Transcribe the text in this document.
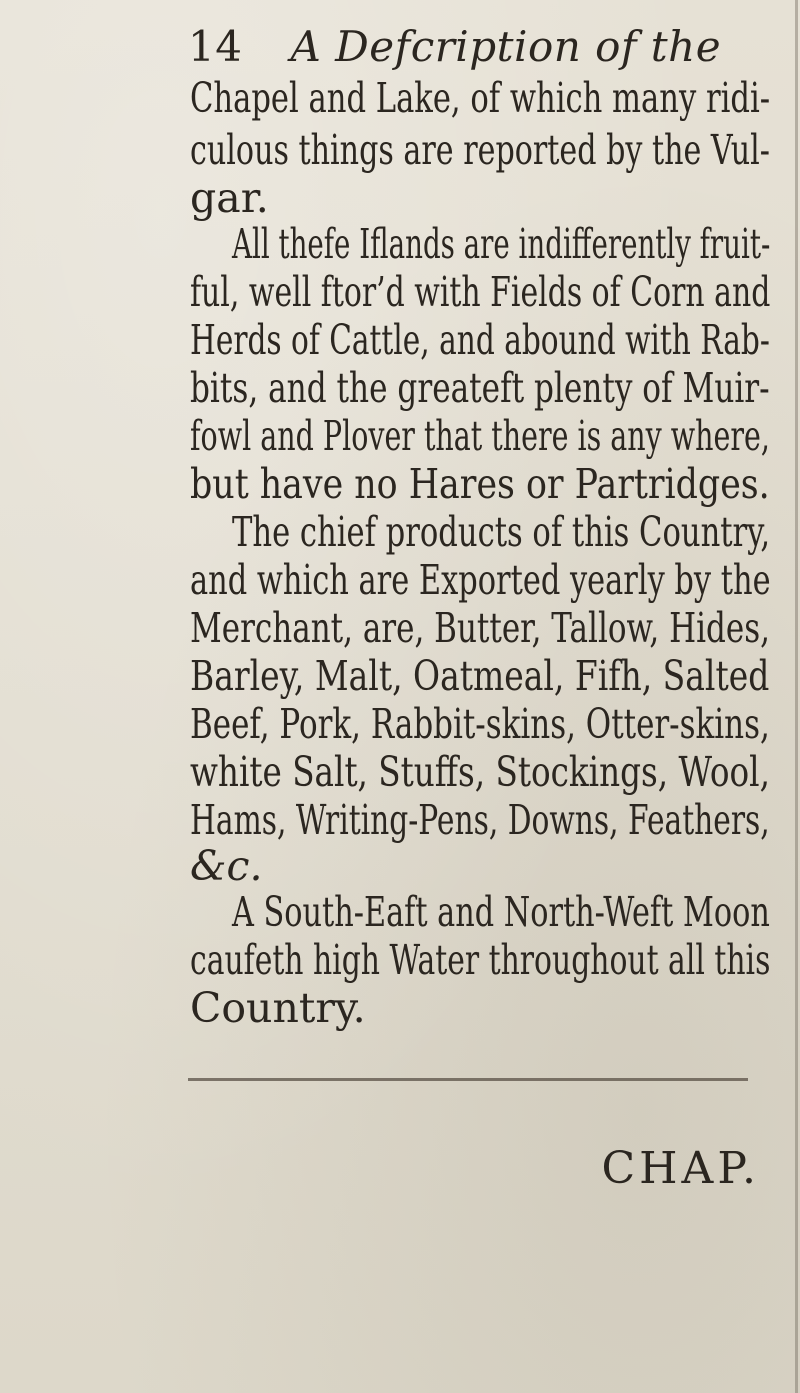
14 A Defcription of the
Chapel and Lake, of which many ridi-
culous things are reported by the Vul-
gar.
All thefe Iflands are indifferently fruit-
ful, well ftor’d with Fields of Corn and
Herds of Cattle, and abound with Rab-
bits, and the greateft plenty of Muir-
fowl and Plover that there is any where,
but have no Hares or Partridges.
The chief products of this Country,
and which are Exported yearly by the
Merchant, are, Butter, Tallow, Hides,
Barley, Malt, Oatmeal, Fifh, Salted
Beef, Pork, Rabbit-skins, Otter-skins,
white Salt, Stuffs, Stockings, Wool,
Hams, Writing-Pens, Downs, Feathers,
&c.
A South-Eaft and North-Weft Moon
caufeth high Water throughout all this
Country.
CHAP.
